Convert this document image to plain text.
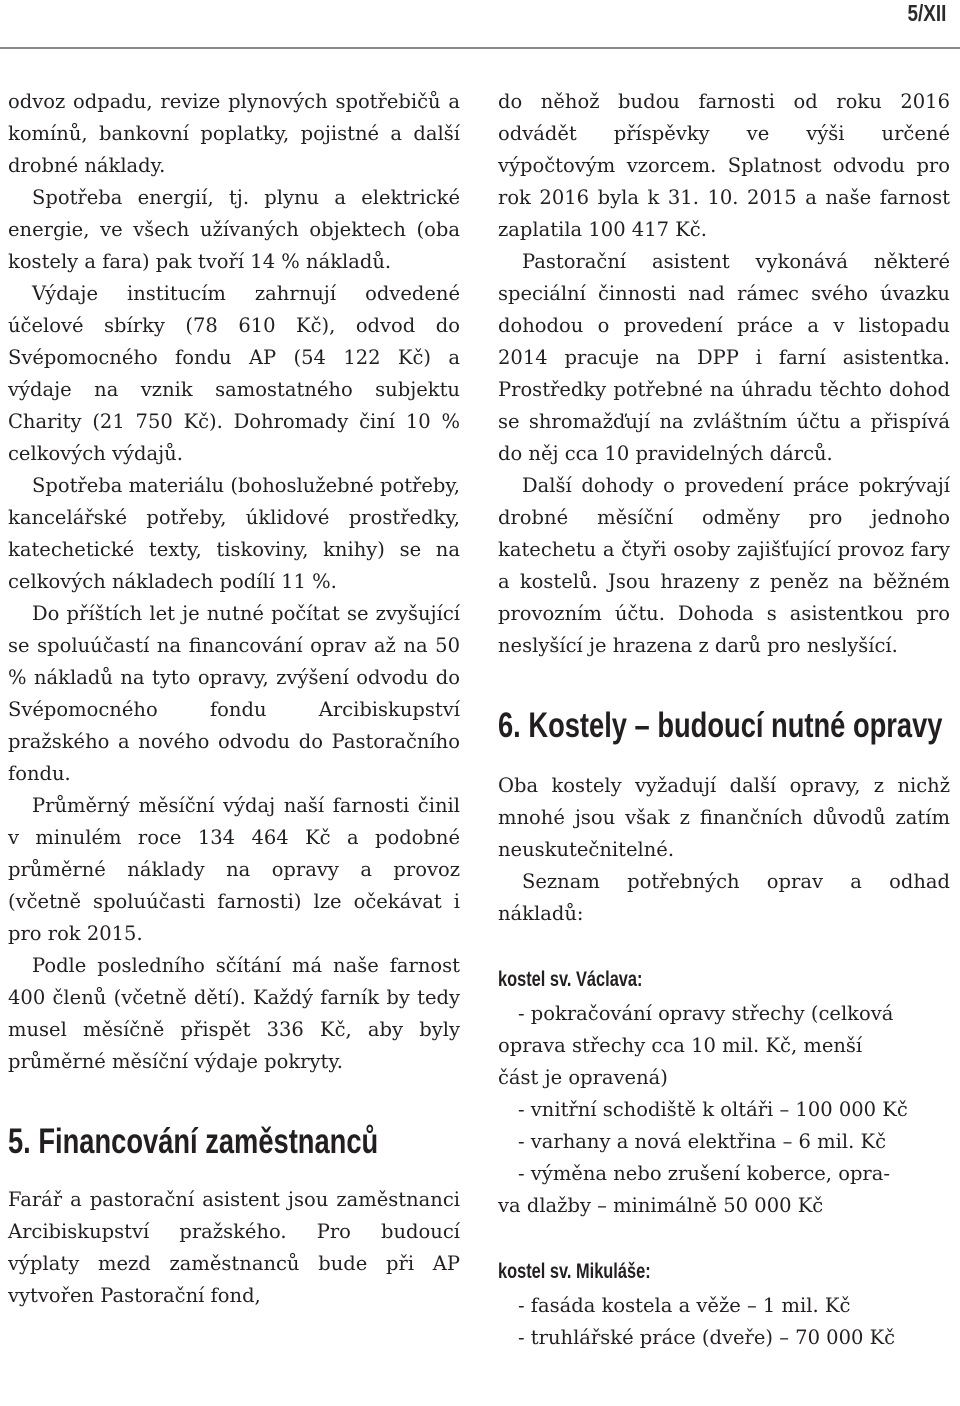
5/XII

odvoz odpadu, revize plynových spotřebičů a komínů, bankovní poplatky, pojistné a další drobné náklady.

Spotřeba energií, tj. plynu a elektrické energie, ve všech užívaných objektech (oba kostely a fara) pak tvoří 14 % nákladů.

Výdaje institucím zahrnují odvedené účelové sbírky (78 610 Kč), odvod do Svépomocného fondu AP (54 122 Kč) a výdaje na vznik samostatného subjektu Charity (21 750 Kč). Dohromady činí 10 % celkových výdajů.

Spotřeba materiálu (bohoslužebné potřeby, kancelářské potřeby, úklidové prostředky, katechetické texty, tiskoviny, knihy) se na celkových nákladech podílí 11 %.

Do příštích let je nutné počítat se zvyšující se spoluúčastí na financování oprav až na 50 % nákladů na tyto opravy, zvýšení odvodu do Svépomocného fondu Arcibiskupství pražského a nového odvodu do Pastoračního fondu.

Průměrný měsíční výdaj naší farnosti činil v minulém roce 134 464 Kč a podobné průměrné náklady na opravy a provoz (včetně spoluúčasti farnosti) lze očekávat i pro rok 2015.

Podle posledního sčítání má naše farnost 400 členů (včetně dětí). Každý farník by tedy musel měsíčně přispět 336 Kč, aby byly průměrné měsíční výdaje pokryty.

5. Financování zaměstnanců

Farář a pastorační asistent jsou zaměstnanci Arcibiskupství pražského. Pro budoucí výplaty mezd zaměstnanců bude při AP vytvořen Pastorační fond,

do něhož budou farnosti od roku 2016 odvádět příspěvky ve výši určené výpočtovým vzorcem. Splatnost odvodu pro rok 2016 byla k 31. 10. 2015 a naše farnost zaplatila 100 417 Kč.

Pastorační asistent vykonává některé speciální činnosti nad rámec svého úvazku dohodou o provedení práce a v listopadu 2014 pracuje na DPP i farní asistentka. Prostředky potřebné na úhradu těchto dohod se shromažďují na zvláštním účtu a přispívá do něj cca 10 pravidelných dárců.

Další dohody o provedení práce pokrývají drobné měsíční odměny pro jednoho katechetu a čtyři osoby zajišťující provoz fary a kostelů. Jsou hrazeny z peněz na běžném provozním účtu. Dohoda s asistentkou pro neslyšící je hrazena z darů pro neslyšící.

6. Kostely – budoucí nutné opravy

Oba kostely vyžadují další opravy, z nichž mnohé jsou však z finančních důvodů zatím neuskutečnitelné.

Seznam potřebných oprav a odhad nákladů:

kostel sv. Václava:
- pokračování opravy střechy (celková
oprava střechy cca 10 mil. Kč, menší
část je opravená)
- vnitřní schodiště k oltáři – 100 000 Kč
- varhany a nová elektřina – 6 mil. Kč
- výměna nebo zrušení koberce, opra-
va dlažby – minimálně 50 000 Kč
kostel sv. Mikuláše:
- fasáda kostela a věže – 1 mil. Kč
- truhlářské práce (dveře) – 70 000 Kč
